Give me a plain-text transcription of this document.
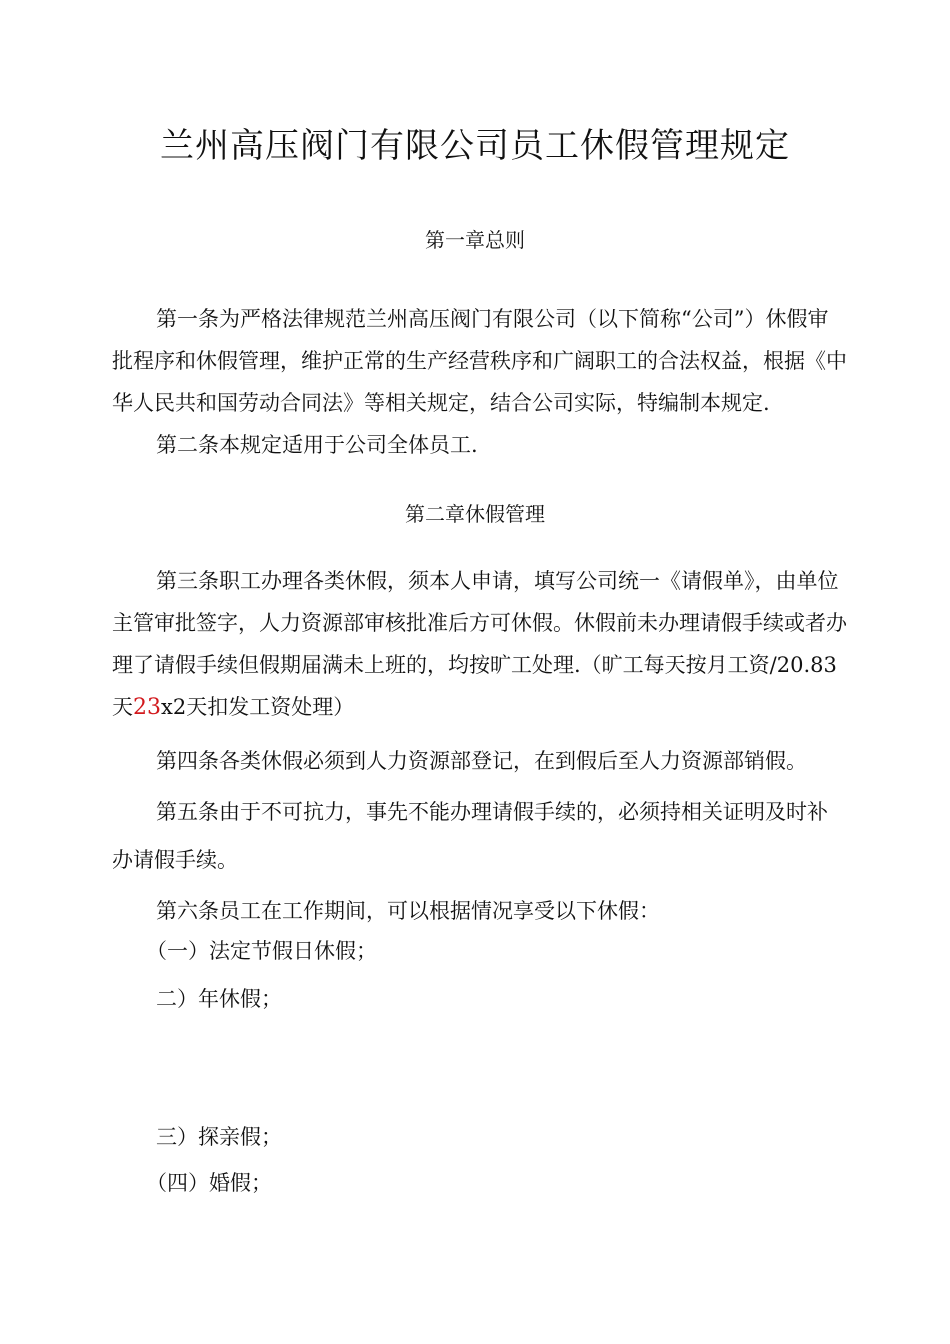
兰州高压阀门有限公司员工休假管理规定
第一章总则
第一条为严格法律规范兰州高压阀门有限公司（以下简称“公司”）休假审批程序和休假管理，维护正常的生产经营秩序和广阔职工的合法权益，根据《中华人民共和国劳动合同法》等相关规定，结合公司实际，特编制本规定.
第二条本规定适用于公司全体员工.
第二章休假管理
第三条职工办理各类休假，须本人申请，填写公司统一《请假单》，由单位主管审批签字，人力资源部审核批准后方可休假。休假前未办理请假手续或者办理了请假手续但假期届满未上班的，均按旷工处理.（旷工每天按月工资/20.83天23x2天扣发工资处理）
第四条各类休假必须到人力资源部登记，在到假后至人力资源部销假。
第五条由于不可抗力，事先不能办理请假手续的，必须持相关证明及时补办请假手续。
第六条员工在工作期间，可以根据情况享受以下休假：
（一）法定节假日休假；
二）年休假；
三）探亲假；
（四）婚假；
